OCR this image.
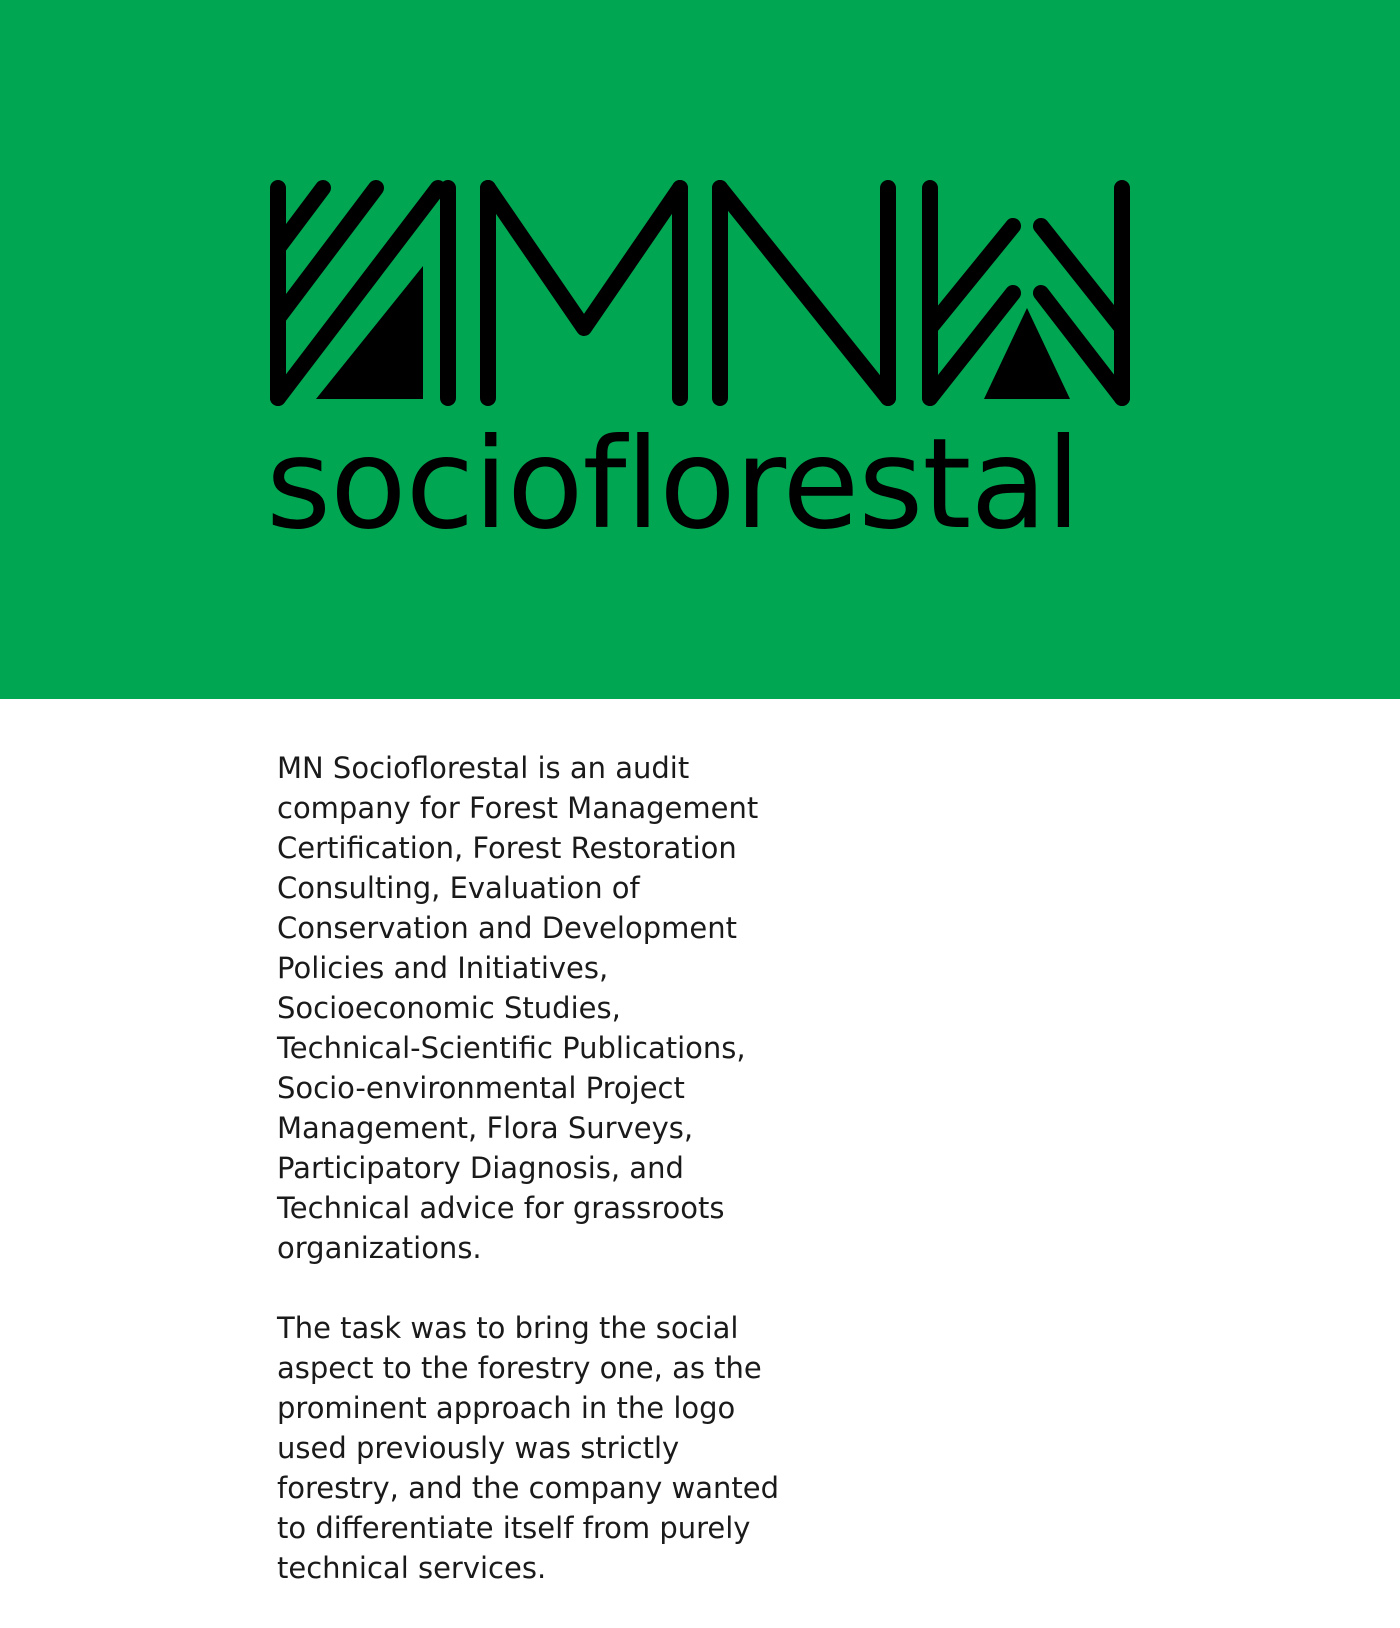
socioflorestal

MN Socioflorestal is an audit
company for Forest Management
Certification, Forest Restoration
Consulting, Evaluation of
Conservation and Development
Policies and Initiatives,
Socioeconomic Studies,
Technical-Scientific Publications,
Socio-environmental Project
Management, Flora Surveys,
Participatory Diagnosis, and
Technical advice for grassroots
organizations.

The task was to bring the social
aspect to the forestry one, as the
prominent approach in the logo
used previously was strictly
forestry, and the company wanted
to differentiate itself from purely
technical services.
